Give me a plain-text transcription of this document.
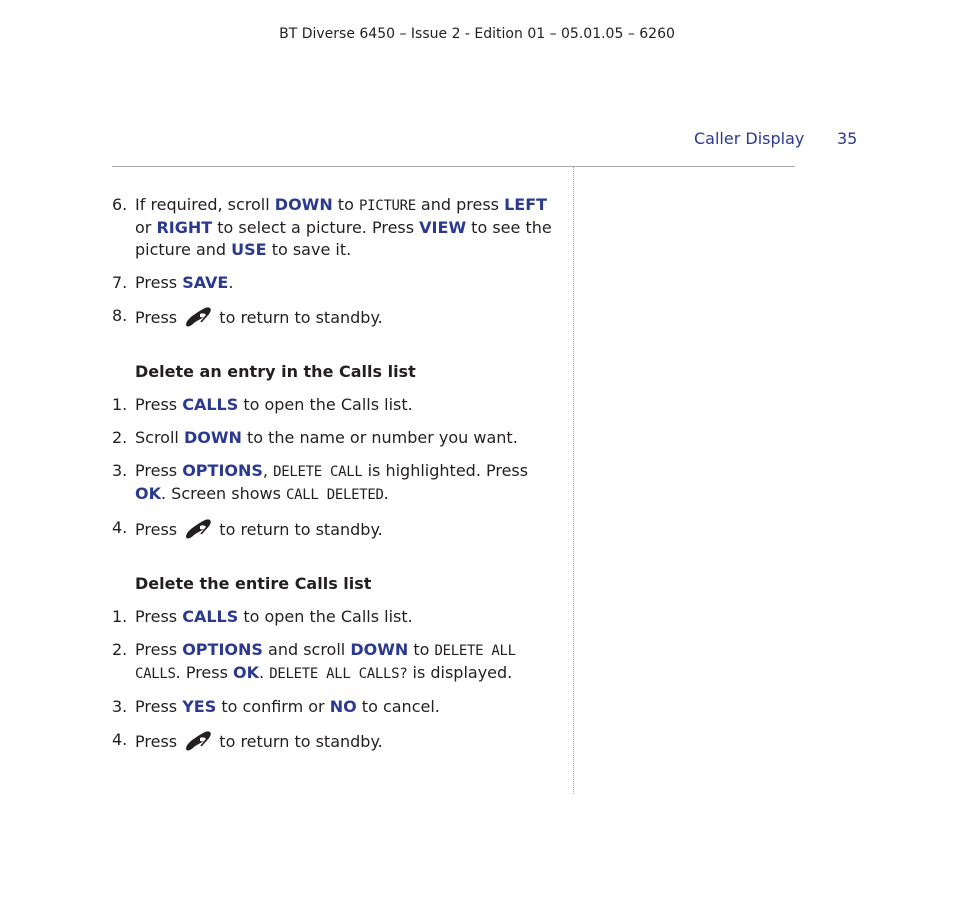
BT Diverse 6450 – Issue 2 - Edition 01 – 05.01.05 – 6260
Caller Display 35
6. If required, scroll DOWN to PICTURE and press LEFT or RIGHT to select a picture. Press VIEW to see the picture and USE to save it.
7. Press SAVE.
8. Press  to return to standby.
Delete an entry in the Calls list
1. Press CALLS to open the Calls list.
2. Scroll DOWN to the name or number you want.
3. Press OPTIONS, DELETE CALL is highlighted. Press OK. Screen shows CALL DELETED.
4. Press  to return to standby.
Delete the entire Calls list
1. Press CALLS to open the Calls list.
2. Press OPTIONS and scroll DOWN to DELETE ALL CALLS. Press OK. DELETE ALL CALLS? is displayed.
3. Press YES to confirm or NO to cancel.
4. Press  to return to standby.
